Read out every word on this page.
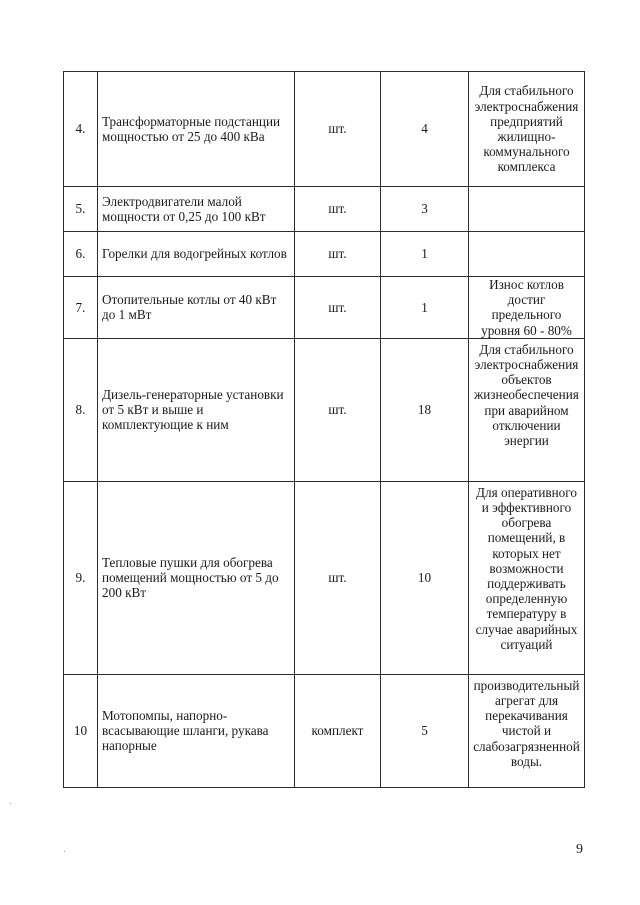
4.	Трансформаторные подстанции мощностью от 25 до 400 кВа	шт.	4	Для стабильного электроснабжения предприятий жилищно-коммунального комплекса
5.	Электродвигатели малой мощности от 0,25 до 100 кВт	шт.	3	
6.	Горелки для водогрейных котлов	шт.	1	
7.	Отопительные котлы от 40 кВт до 1 мВт	шт.	1	Износ котлов достиг предельного уровня 60 - 80%
8.	Дизель-генераторные установки от 5 кВт и выше и комплектующие к ним	шт.	18	Для стабильного электроснабжения объектов жизнеобеспечения при аварийном отключении энергии
9.	Тепловые пушки для обогрева помещений мощностью от 5 до 200 кВт	шт.	10	Для оперативного и эффективного обогрева помещений, в которых нет возможности поддерживать определенную температуру в случае аварийных ситуаций
10	Мотопомпы, напорно-всасывающие шланги, рукава напорные	комплект	5	производительный агрегат для перекачивания чистой и слабозагрязненной воды.
9
